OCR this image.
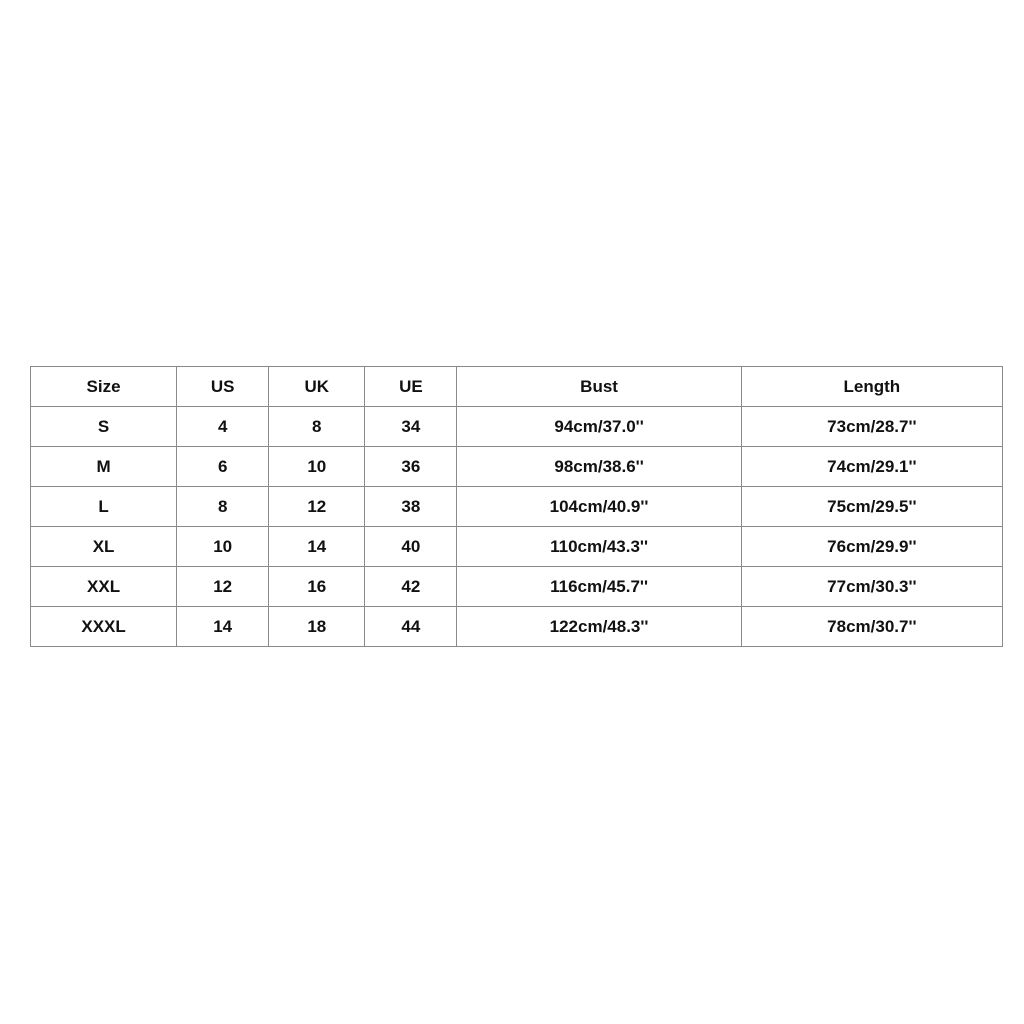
Size	US	UK	UE	Bust	Length
S	4	8	34	94cm/37.0''	73cm/28.7''
M	6	10	36	98cm/38.6''	74cm/29.1''
L	8	12	38	104cm/40.9''	75cm/29.5''
XL	10	14	40	110cm/43.3''	76cm/29.9''
XXL	12	16	42	116cm/45.7''	77cm/30.3''
XXXL	14	18	44	122cm/48.3''	78cm/30.7''
